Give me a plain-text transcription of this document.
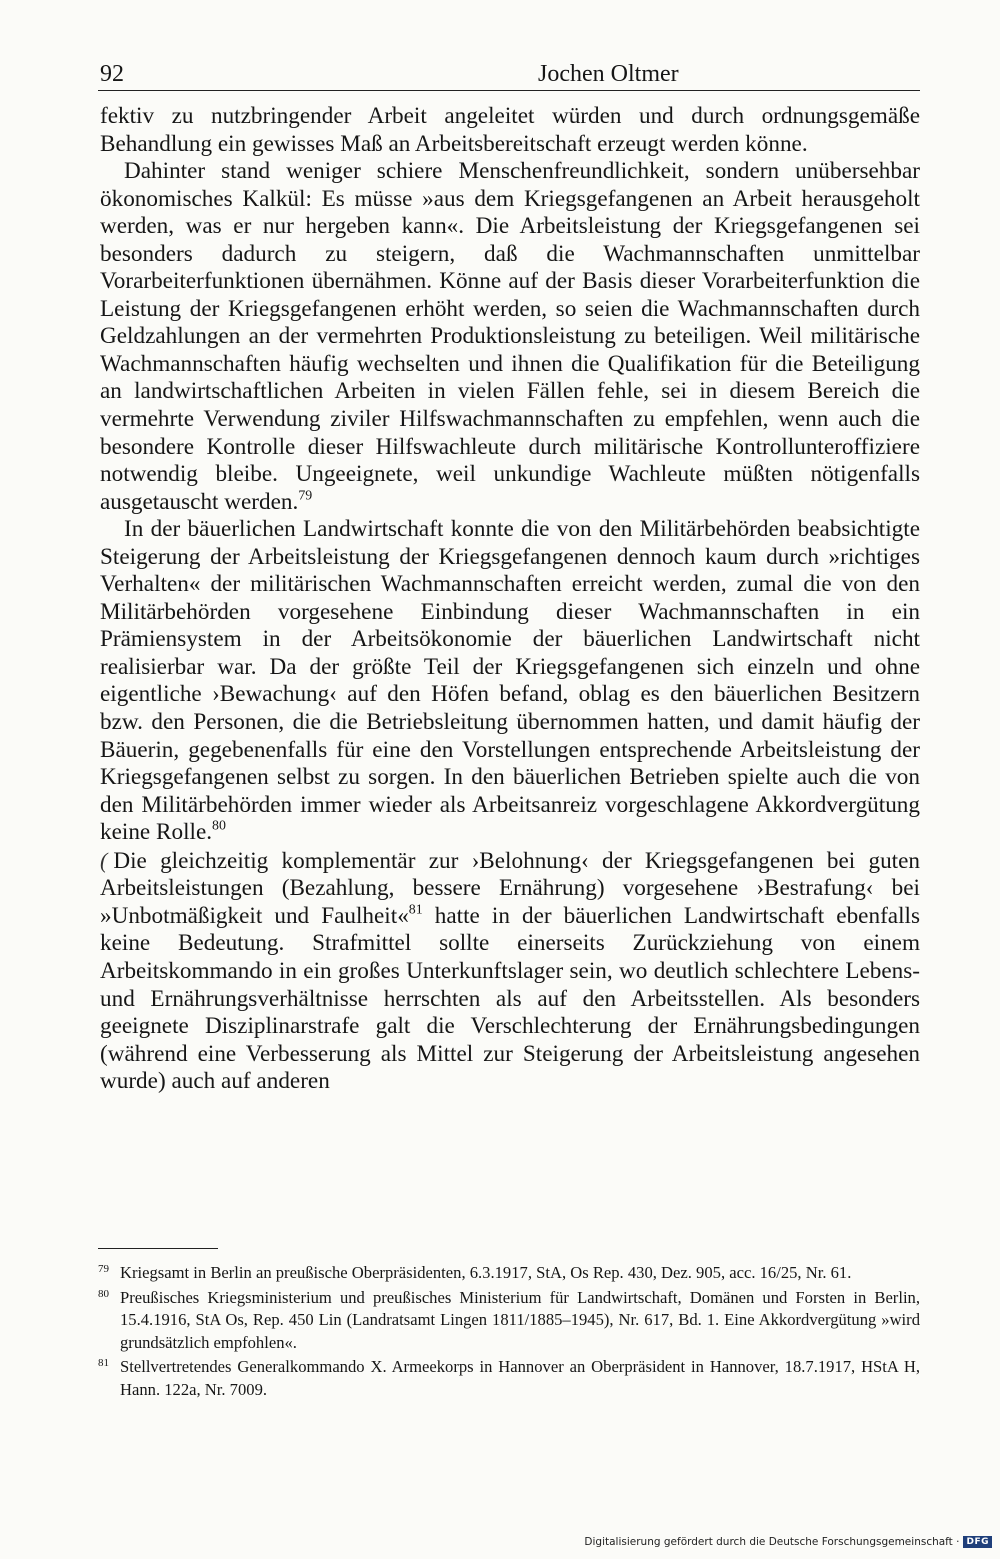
92	Jochen Oltmer

fektiv zu nutzbringender Arbeit angeleitet würden und durch ordnungsgemäße Behandlung ein gewisses Maß an Arbeitsbereitschaft erzeugt werden könne.

Dahinter stand weniger schiere Menschenfreundlichkeit, sondern unübersehbar ökonomisches Kalkül: Es müsse »aus dem Kriegsgefangenen an Arbeit herausgeholt werden, was er nur hergeben kann«. Die Arbeitsleistung der Kriegsgefangenen sei besonders dadurch zu steigern, daß die Wachmannschaften unmittelbar Vorarbeiterfunktionen übernähmen. Könne auf der Basis dieser Vorarbeiterfunktion die Leistung der Kriegsgefangenen erhöht werden, so seien die Wachmannschaften durch Geldzahlungen an der vermehrten Produktionsleistung zu beteiligen. Weil militärische Wachmannschaften häufig wechselten und ihnen die Qualifikation für die Beteiligung an landwirtschaftlichen Arbeiten in vielen Fällen fehle, sei in diesem Bereich die vermehrte Verwendung ziviler Hilfswachmannschaften zu empfehlen, wenn auch die besondere Kontrolle dieser Hilfswachleute durch militärische Kontrollunteroffiziere notwendig bleibe. Ungeeignete, weil unkundige Wachleute müßten nötigenfalls ausgetauscht werden.$^{79}$

In der bäuerlichen Landwirtschaft konnte die von den Militärbehörden beabsichtigte Steigerung der Arbeitsleistung der Kriegsgefangenen dennoch kaum durch »richtiges Verhalten« der militärischen Wachmannschaften erreicht werden, zumal die von den Militärbehörden vorgesehene Einbindung dieser Wachmannschaften in ein Prämiensystem in der Arbeitsökonomie der bäuerlichen Landwirtschaft nicht realisierbar war. Da der größte Teil der Kriegsgefangenen sich einzeln und ohne eigentliche ›Bewachung‹ auf den Höfen befand, oblag es den bäuerlichen Besitzern bzw. den Personen, die die Betriebsleitung übernommen hatten, und damit häufig der Bäuerin, gegebenenfalls für eine den Vorstellungen entsprechende Arbeitsleistung der Kriegsgefangenen selbst zu sorgen. In den bäuerlichen Betrieben spielte auch die von den Militärbehörden immer wieder als Arbeitsanreiz vorgeschlagene Akkordvergütung keine Rolle.$^{80}$

( Die gleichzeitig komplementär zur ›Belohnung‹ der Kriegsgefangenen bei guten Arbeitsleistungen (Bezahlung, bessere Ernährung) vorgesehene ›Bestrafung‹ bei »Unbotmäßigkeit und Faulheit«$^{81}$ hatte in der bäuerlichen Landwirtschaft ebenfalls keine Bedeutung. Strafmittel sollte einerseits Zurückziehung von einem Arbeitskommando in ein großes Unterkunftslager sein, wo deutlich schlechtere Lebens- und Ernährungsverhältnisse herrschten als auf den Arbeitsstellen. Als besonders geeignete Disziplinarstrafe galt die Verschlechterung der Ernährungsbedingungen (während eine Verbesserung als Mittel zur Steigerung der Arbeitsleistung angesehen wurde) auch auf anderen

79 Kriegsamt in Berlin an preußische Oberpräsidenten, 6.3.1917, StA, Os Rep. 430, Dez. 905, acc. 16/25, Nr. 61.

80 Preußisches Kriegsministerium und preußisches Ministerium für Landwirtschaft, Domänen und Forsten in Berlin, 15.4.1916, StA Os, Rep. 450 Lin (Landratsamt Lingen 1811/1885–1945), Nr. 617, Bd. 1. Eine Akkordvergütung »wird grundsätzlich empfohlen«.

81 Stellvertretendes Generalkommando X. Armeekorps in Hannover an Oberpräsident in Hannover, 18.7.1917, HStA H, Hann. 122a, Nr. 7009.

Digitalisierung gefördert durch die Deutsche Forschungsgemeinschaft · DFG
